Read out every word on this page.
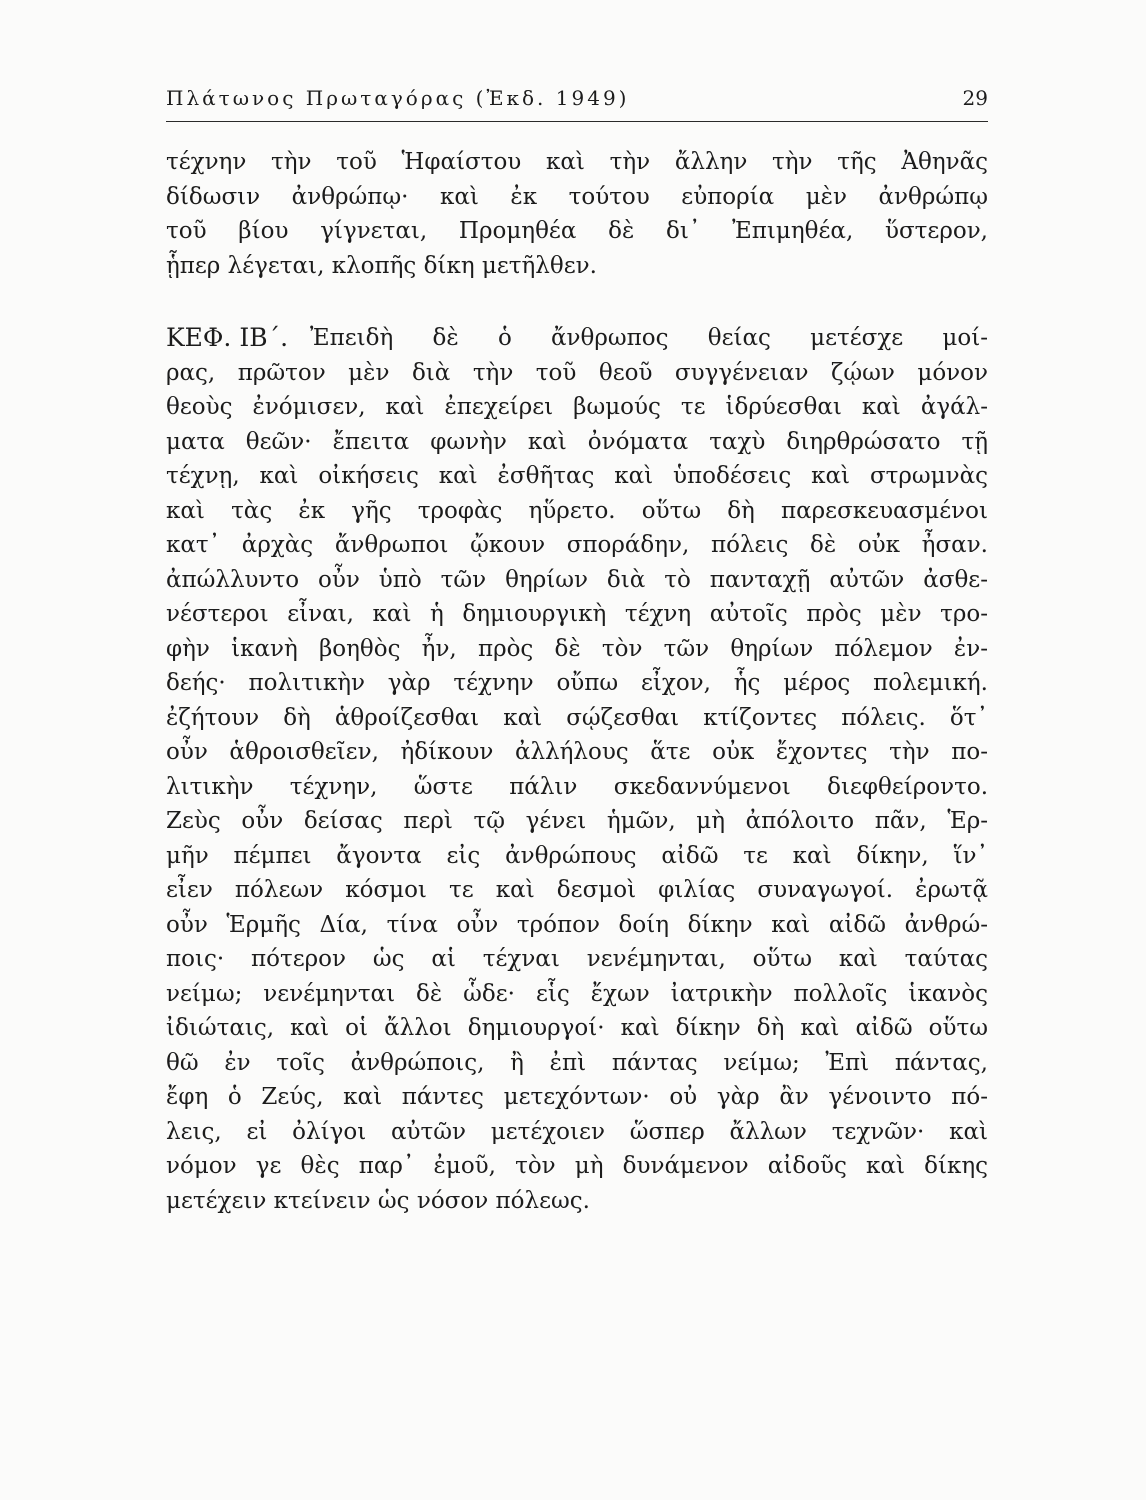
Πλάτωνος Πρωταγόρας (Ἐκδ. 1949)	29
τέχνην τὴν τοῦ Ἡφαίστου καὶ τὴν ἄλλην τὴν τῆς Ἀθηνᾶς
δίδωσιν ἀνθρώπῳ· καὶ ἐκ τούτου εὐπορία μὲν ἀνθρώπῳ
τοῦ βίου γίγνεται, Προμηθέα δὲ δι᾽ Ἐπιμηθέα, ὕστερον,
ᾗπερ λέγεται, κλοπῆς δίκη μετῆλθεν.
ΚΕΦ. ΙΒ΄. Ἐπειδὴ δὲ ὁ ἄνθρωπος θείας μετέσχε μοί-
ρας, πρῶτον μὲν διὰ τὴν τοῦ θεοῦ συγγένειαν ζῴων μόνον
θεοὺς ἐνόμισεν, καὶ ἐπεχείρει βωμούς τε ἱδρύεσθαι καὶ ἀγάλ-
ματα θεῶν· ἔπειτα φωνὴν καὶ ὀνόματα ταχὺ διηρθρώσατο τῇ
τέχνῃ, καὶ οἰκήσεις καὶ ἐσθῆτας καὶ ὑποδέσεις καὶ στρωμνὰς
καὶ τὰς ἐκ γῆς τροφὰς ηὕρετο. οὕτω δὴ παρεσκευασμένοι
κατ᾽ ἀρχὰς ἄνθρωποι ᾤκουν σποράδην, πόλεις δὲ οὐκ ἦσαν.
ἀπώλλυντο οὖν ὑπὸ τῶν θηρίων διὰ τὸ πανταχῇ αὐτῶν ἀσθε-
νέστεροι εἶναι, καὶ ἡ δημιουργικὴ τέχνη αὐτοῖς πρὸς μὲν τρο-
φὴν ἱκανὴ βοηθὸς ἦν, πρὸς δὲ τὸν τῶν θηρίων πόλεμον ἐν-
δεής· πολιτικὴν γὰρ τέχνην οὔπω εἶχον, ἧς μέρος πολεμική.
ἐζήτουν δὴ ἁθροίζεσθαι καὶ σῴζεσθαι κτίζοντες πόλεις. ὅτ᾽
οὖν ἁθροισθεῖεν, ἠδίκουν ἀλλήλους ἅτε οὐκ ἔχοντες τὴν πο-
λιτικὴν τέχνην, ὥστε πάλιν σκεδαννύμενοι διεφθείροντο.
Ζεὺς οὖν δείσας περὶ τῷ γένει ἡμῶν, μὴ ἀπόλοιτο πᾶν, Ἑρ-
μῆν πέμπει ἄγοντα εἰς ἀνθρώπους αἰδῶ τε καὶ δίκην, ἵν᾽
εἶεν πόλεων κόσμοι τε καὶ δεσμοὶ φιλίας συναγωγοί. ἐρωτᾷ
οὖν Ἑρμῆς Δία, τίνα οὖν τρόπον δοίη δίκην καὶ αἰδῶ ἀνθρώ-
ποις· πότερον ὡς αἱ τέχναι νενέμηνται, οὕτω καὶ ταύτας
νείμω; νενέμηνται δὲ ὧδε· εἷς ἔχων ἰατρικὴν πολλοῖς ἱκανὸς
ἰδιώταις, καὶ οἱ ἄλλοι δημιουργοί· καὶ δίκην δὴ καὶ αἰδῶ οὕτω
θῶ ἐν τοῖς ἀνθρώποις, ἢ ἐπὶ πάντας νείμω; Ἐπὶ πάντας,
ἔφη ὁ Ζεύς, καὶ πάντες μετεχόντων· οὐ γὰρ ἂν γένοιντο πό-
λεις, εἰ ὀλίγοι αὐτῶν μετέχοιεν ὥσπερ ἄλλων τεχνῶν· καὶ
νόμον γε θὲς παρ᾽ ἐμοῦ, τὸν μὴ δυνάμενον αἰδοῦς καὶ δίκης
μετέχειν κτείνειν ὡς νόσον πόλεως.
